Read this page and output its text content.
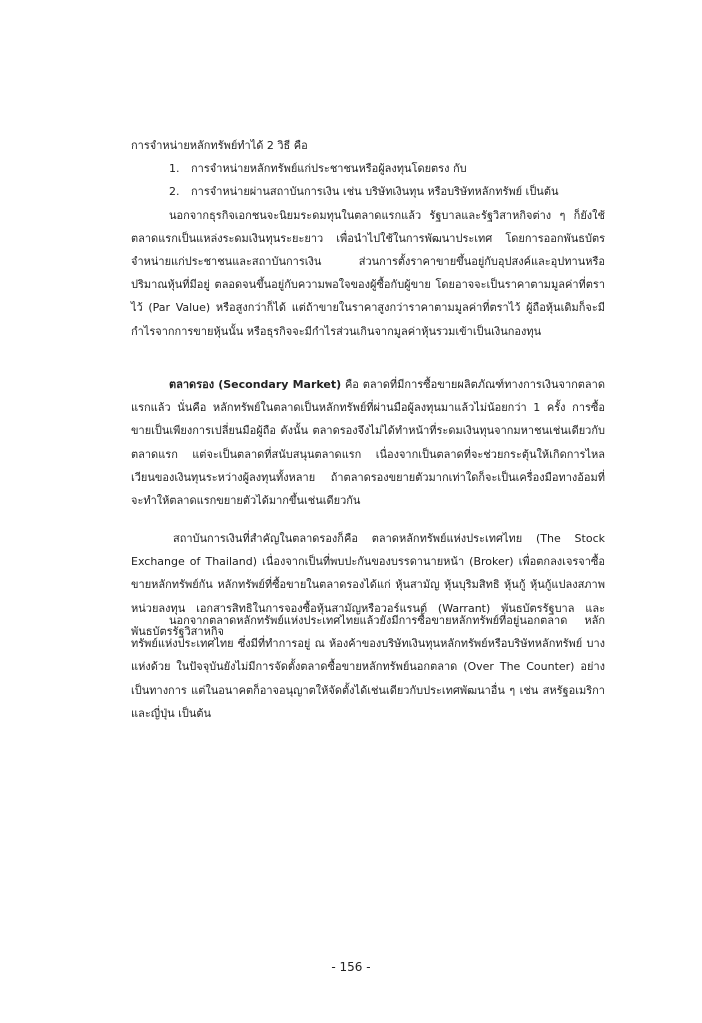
การจำหน่ายหลักทรัพย์ทำได้ 2 วิธี คือ

1. การจำหน่ายหลักทรัพย์แก่ประชาชนหรือผู้ลงทุนโดยตรง กับ

2. การจำหน่ายผ่านสถาบันการเงิน เช่น บริษัทเงินทุน หรือบริษัทหลักทรัพย์ เป็นต้น

นอกจากธุรกิจเอกชนจะนิยมระดมทุนในตลาดแรกแล้ว รัฐบาลและรัฐวิสาหกิจต่าง ๆ ก็ยังใช้ตลาดแรกเป็นแหล่งระดมเงินทุนระยะยาว เพื่อนำไปใช้ในการพัฒนาประเทศ โดยการออกพันธบัตรจำหน่ายแก่ประชาชนและสถาบันการเงิน ส่วนการตั้งราคาขายขึ้นอยู่กับอุปสงค์และอุปทานหรือปริมาณหุ้นที่มีอยู่ ตลอดจนขึ้นอยู่กับความพอใจของผู้ซื้อกับผู้ขาย โดยอาจจะเป็นราคาตามมูลค่าที่ตราไว้ (Par Value) หรือสูงกว่าก็ได้ แต่ถ้าขายในราคาสูงกว่าราคาตามมูลค่าที่ตราไว้ ผู้ถือหุ้นเดิมก็จะมีกำไรจากการขายหุ้นนั้น หรือธุรกิจจะมีกำไรส่วนเกินจากมูลค่าหุ้นรวมเข้าเป็นเงินกองทุน

ตลาดรอง (Secondary Market) คือ ตลาดที่มีการซื้อขายผลิตภัณฑ์ทางการเงินจากตลาดแรกแล้ว นั่นคือ หลักทรัพย์ในตลาดเป็นหลักทรัพย์ที่ผ่านมือผู้ลงทุนมาแล้วไม่น้อยกว่า 1 ครั้ง การซื้อขายเป็นเพียงการเปลี่ยนมือผู้ถือ ดังนั้น ตลาดรองจึงไม่ได้ทำหน้าที่ระดมเงินทุนจากมหาชนเช่นเดียวกับตลาดแรก แต่จะเป็นตลาดที่สนับสนุนตลาดแรก เนื่องจากเป็นตลาดที่จะช่วยกระตุ้นให้เกิดการไหลเวียนของเงินทุนระหว่างผู้ลงทุนทั้งหลาย ถ้าตลาดรองขยายตัวมากเท่าใดก็จะเป็นเครื่องมือทางอ้อมที่จะทำให้ตลาดแรกขยายตัวได้มากขึ้นเช่นเดียวกัน

สถาบันการเงินที่สำคัญในตลาดรองก็คือ ตลาดหลักทรัพย์แห่งประเทศไทย (The Stock Exchange of Thailand) เนื่องจากเป็นที่พบปะกันของบรรดานายหน้า (Broker) เพื่อตกลงเจรจาซื้อขายหลักทรัพย์กัน หลักทรัพย์ที่ซื้อขายในตลาดรองได้แก่ หุ้นสามัญ หุ้นบุริมสิทธิ หุ้นกู้ หุ้นกู้แปลงสภาพ หน่วยลงทุน เอกสารสิทธิในการจองซื้อหุ้นสามัญหรือวอร์แรนต์ (Warrant) พันธบัตรรัฐบาล และพันธบัตรรัฐวิสาหกิจ

นอกจากตลาดหลักทรัพย์แห่งประเทศไทยแล้วยังมีการซื้อขายหลักทรัพย์ที่อยู่นอกตลาด หลักทรัพย์แห่งประเทศไทย ซึ่งมีที่ทำการอยู่ ณ ห้องค้าของบริษัทเงินทุนหลักทรัพย์หรือบริษัทหลักทรัพย์ บางแห่งด้วย ในปัจจุบันยังไม่มีการจัดตั้งตลาดซื้อขายหลักทรัพย์นอกตลาด (Over The Counter) อย่างเป็นทางการ แต่ในอนาคตก็อาจอนุญาตให้จัดตั้งได้เช่นเดียวกับประเทศพัฒนาอื่น ๆ เช่น สหรัฐอเมริกา และญี่ปุ่น เป็นต้น

- 156 -
